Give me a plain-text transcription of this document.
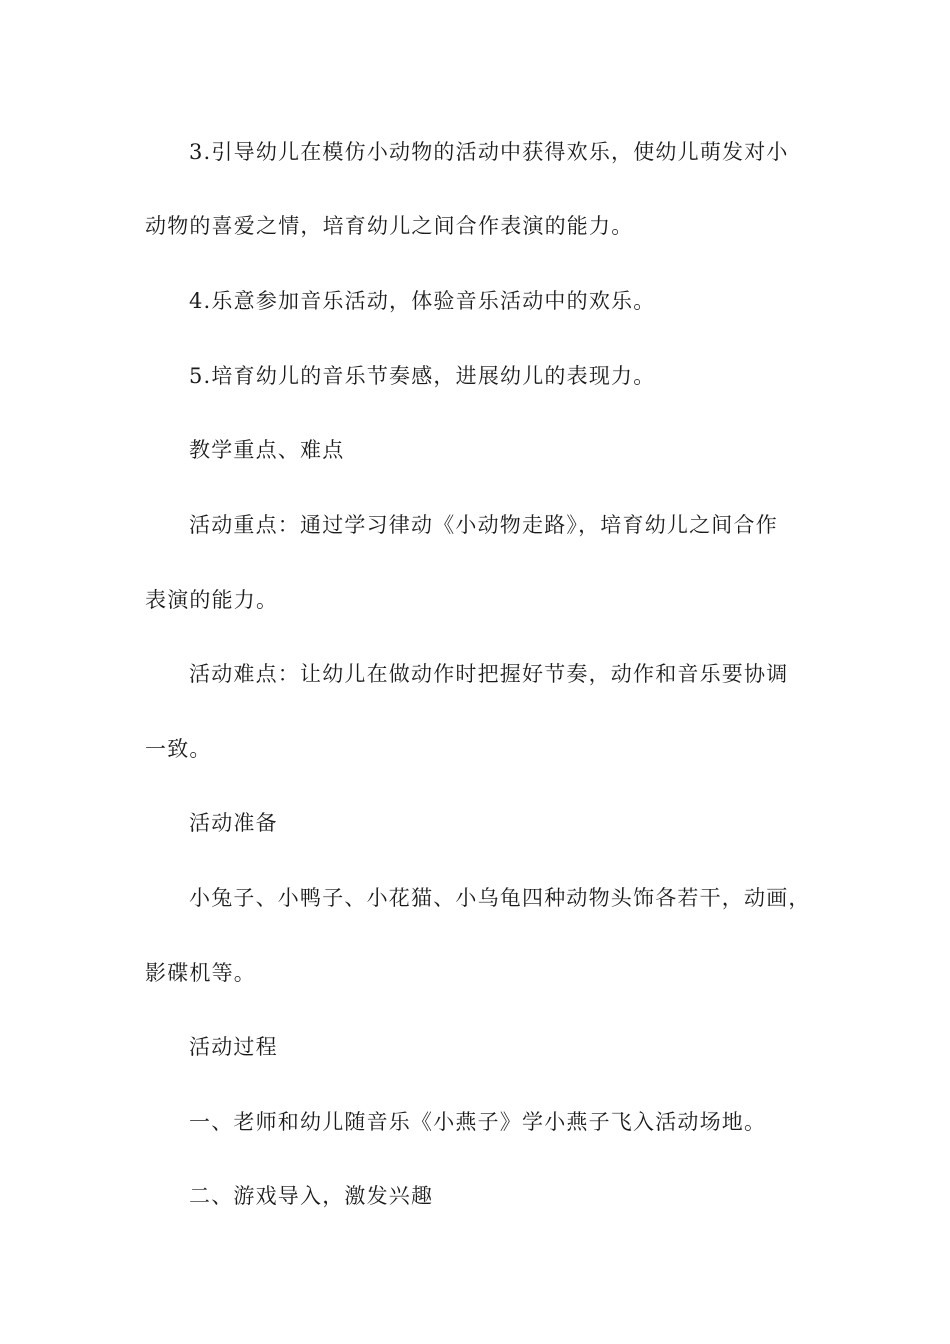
3.引导幼儿在模仿小动物的活动中获得欢乐，使幼儿萌发对小
动物的喜爱之情，培育幼儿之间合作表演的能力。
4.乐意参加音乐活动，体验音乐活动中的欢乐。
5.培育幼儿的音乐节奏感，进展幼儿的表现力。
教学重点、难点
活动重点：通过学习律动《小动物走路》，培育幼儿之间合作
表演的能力。
活动难点：让幼儿在做动作时把握好节奏，动作和音乐要协调
一致。
活动准备
小兔子、小鸭子、小花猫、小乌龟四种动物头饰各若干，动画，
影碟机等。
活动过程
一、老师和幼儿随音乐《小燕子》学小燕子飞入活动场地。
二、游戏导入，激发兴趣
